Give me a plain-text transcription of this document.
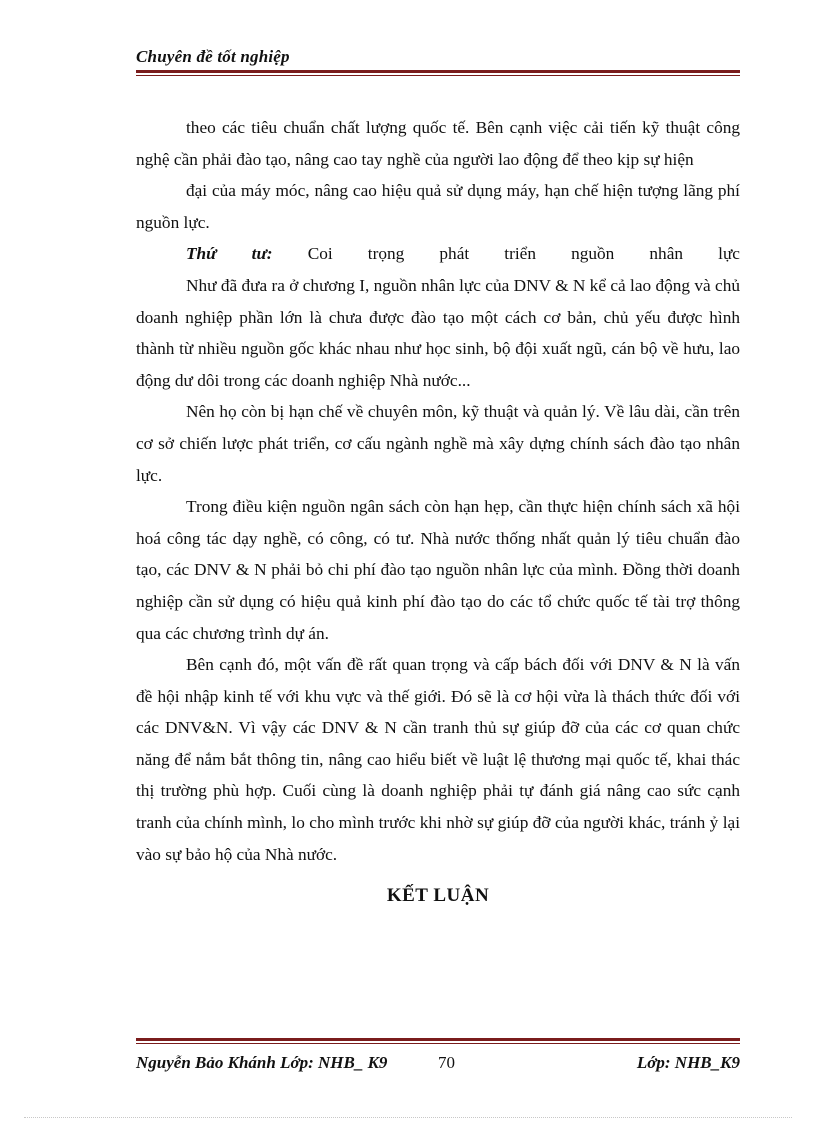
Chuyên đề tốt nghiệp

theo các tiêu chuẩn chất lượng quốc tế. Bên cạnh việc cải tiến kỹ thuật công nghệ cần phải đào tạo, nâng cao tay nghề của người lao động để theo kịp sự hiện

đại của máy móc, nâng cao hiệu quả sử dụng máy, hạn chế hiện tượng lãng phí nguồn lực.

Thứ tư: Coi trọng phát triển nguồn nhân lực

Như đã đưa ra ở chương I, nguồn nhân lực của DNV & N kể cả lao động và chủ doanh nghiệp phần lớn là chưa được đào tạo một cách cơ bản, chủ yếu được hình thành từ nhiều nguồn gốc khác nhau như học sinh, bộ đội xuất ngũ, cán bộ về hưu, lao động dư dôi trong các doanh nghiệp Nhà nước...

Nên họ còn bị hạn chế về chuyên môn, kỹ thuật và quản lý. Về lâu dài, cần trên cơ sở chiến lược phát triển, cơ cấu ngành nghề mà xây dựng chính sách đào tạo nhân lực.

Trong điều kiện nguồn ngân sách còn hạn hẹp, cần thực hiện chính sách xã hội hoá công tác dạy nghề, có công, có tư. Nhà nước thống nhất quản lý tiêu chuẩn đào tạo, các DNV & N phải bỏ chi phí đào tạo nguồn nhân lực của mình. Đồng thời doanh nghiệp cần sử dụng có hiệu quả kinh phí đào tạo do các tổ chức quốc tế tài trợ thông qua các chương trình dự án.

Bên cạnh đó, một vấn đề rất quan trọng và cấp bách đối với DNV & N là vấn đề hội nhập kinh tế với khu vực và thế giới. Đó sẽ là cơ hội vừa là thách thức đối với các DNV&N. Vì vậy các DNV & N cần tranh thủ sự giúp đỡ của các cơ quan chức năng để nắm bắt thông tin, nâng cao hiểu biết về luật lệ thương mại quốc tế, khai thác thị trường phù hợp. Cuối cùng là doanh nghiệp phải tự đánh giá nâng cao sức cạnh tranh của chính mình, lo cho mình trước khi nhờ sự giúp đỡ của người khác, tránh ỷ lại vào sự bảo hộ của Nhà nước.

KẾT LUẬN
Nguyễn Bảo Khánh Lớp: NHB_ K9	70	Lớp: NHB_K9
